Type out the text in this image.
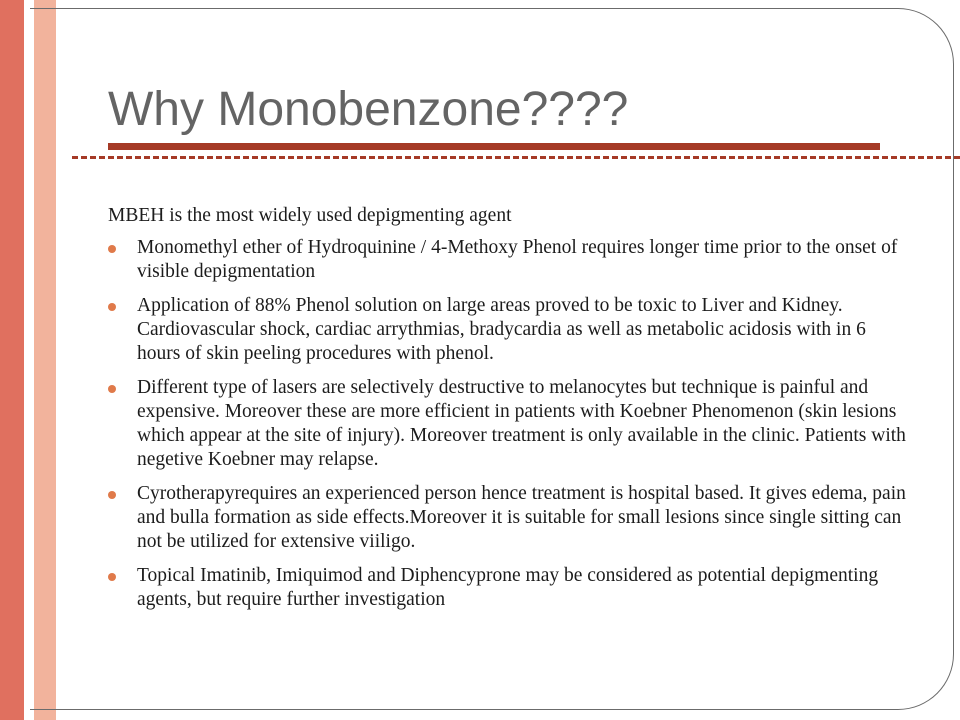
Why Monobenzone????

MBEH is the most widely used depigmenting agent

Monomethyl ether of Hydroquinine / 4-Methoxy Phenol requires longer time prior to the onset of visible depigmentation
Application of 88% Phenol solution on large areas proved to be toxic to Liver and Kidney. Cardiovascular shock, cardiac arrythmias, bradycardia as well as metabolic acidosis with in 6 hours of skin peeling procedures with phenol.
Different type of lasers are selectively destructive to melanocytes but technique is painful and expensive. Moreover these are more efficient in patients with Koebner Phenomenon (skin lesions which appear at the site of injury). Moreover treatment is only available in the clinic. Patients with negetive Koebner may relapse.
Cyrotherapyrequires an experienced person hence treatment is hospital based. It gives edema, pain and bulla formation as side effects.Moreover it is suitable for small lesions since single sitting can not be utilized for extensive viiligo.
Topical Imatinib, Imiquimod and Diphencyprone may be considered as potential depigmenting agents, but require further investigation
